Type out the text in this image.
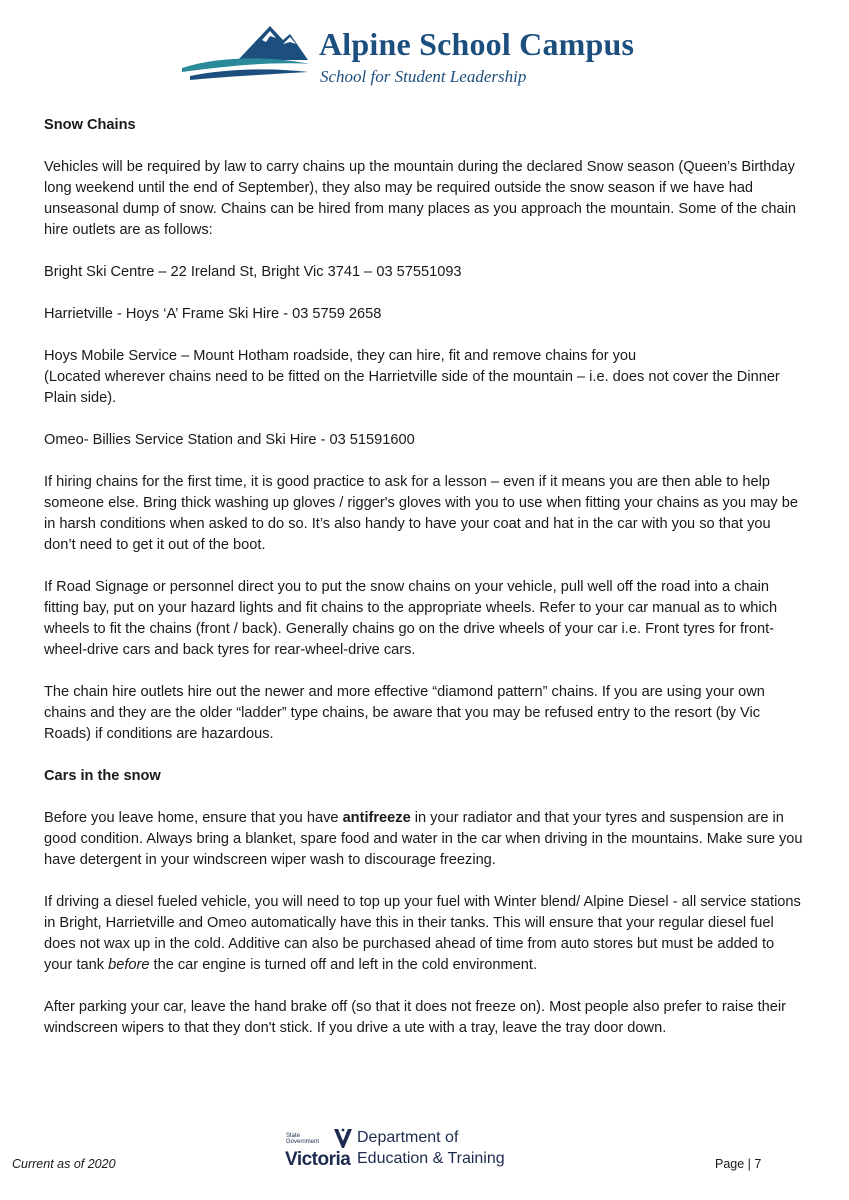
Alpine School Campus
School for Student Leadership
Snow Chains

Vehicles will be required by law to carry chains up the mountain during the declared Snow season (Queen’s Birthday long weekend until the end of September), they also may be required outside the snow season if we have had unseasonal dump of snow. Chains can be hired from many places as you approach the mountain. Some of the chain hire outlets are as follows:

Bright Ski Centre – 22 Ireland St, Bright Vic 3741 – 03 57551093

Harrietville - Hoys ‘A’ Frame Ski Hire - 03 5759 2658

Hoys Mobile Service – Mount Hotham roadside, they can hire, fit and remove chains for you

(Located wherever chains need to be fitted on the Harrietville side of the mountain – i.e. does not cover the Dinner Plain side).

Omeo- Billies Service Station and Ski Hire - 03 51591600

If hiring chains for the first time, it is good practice to ask for a lesson – even if it means you are then able to help someone else. Bring thick washing up gloves / rigger's gloves with you to use when fitting your chains as you may be in harsh conditions when asked to do so. It’s also handy to have your coat and hat in the car with you so that you don’t need to get it out of the boot.

If Road Signage or personnel direct you to put the snow chains on your vehicle, pull well off the road into a chain fitting bay, put on your hazard lights and fit chains to the appropriate wheels. Refer to your car manual as to which wheels to fit the chains (front / back). Generally chains go on the drive wheels of your car i.e. Front tyres for front-wheel-drive cars and back tyres for rear-wheel-drive cars.

The chain hire outlets hire out the newer and more effective “diamond pattern” chains. If you are using your own chains and they are the older “ladder” type chains, be aware that you may be refused entry to the resort (by Vic Roads) if conditions are hazardous.

Cars in the snow

Before you leave home, ensure that you have antifreeze in your radiator and that your tyres and suspension are in good condition. Always bring a blanket, spare food and water in the car when driving in the mountains. Make sure you have detergent in your windscreen wiper wash to discourage freezing.

If driving a diesel fueled vehicle, you will need to top up your fuel with Winter blend/ Alpine Diesel - all service stations in Bright, Harrietville and Omeo automatically have this in their tanks. This will ensure that your regular diesel fuel does not wax up in the cold. Additive can also be purchased ahead of time from auto stores but must be added to your tank before the car engine is turned off and left in the cold environment.

After parking your car, leave the hand brake off (so that it does not freeze on). Most people also prefer to raise their windscreen wipers to that they don't stick. If you drive a ute with a tray, leave the tray door down.

Current as of 2020
State
Government
Victoria
Department of
Education & Training	Page | 7
